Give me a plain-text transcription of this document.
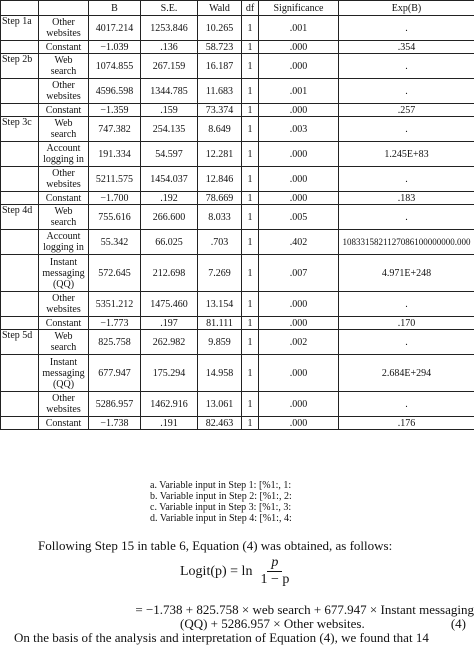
		B	S.E.	Wald	df	Significance	Exp(B)
Step 1a	Other websites	4017.214	1253.846	10.265	1	.001	.
	Constant	−1.039	.136	58.723	1	.000	.354
Step 2b	Web search	1074.855	267.159	16.187	1	.000	.
	Other websites	4596.598	1344.785	11.683	1	.001	.
	Constant	−1.359	.159	73.374	1	.000	.257
Step 3c	Web search	747.382	254.135	8.649	1	.003	.
	Account logging in	191.334	54.597	12.281	1	.000	1.245E+83
	Other websites	5211.575	1454.037	12.846	1	.000	.
	Constant	−1.700	.192	78.669	1	.000	.183
Step 4d	Web search	755.616	266.600	8.033	1	.005	.
	Account logging in	55.342	66.025	.703	1	.402	1083315821127086100000000.000
	Instant messaging (QQ)	572.645	212.698	7.269	1	.007	4.971E+248
	Other websites	5351.212	1475.460	13.154	1	.000	.
	Constant	−1.773	.197	81.111	1	.000	.170
Step 5d	Web search	825.758	262.982	9.859	1	.002	.
	Instant messaging (QQ)	677.947	175.294	14.958	1	.000	2.684E+294
	Other websites	5286.957	1462.916	13.061	1	.000	.
	Constant	−1.738	.191	82.463	1	.000	.176
a. Variable input in Step 1: [%1:, 1:
b. Variable input in Step 2: [%1:, 2:
c. Variable input in Step 3: [%1:, 3:
d. Variable input in Step 4: [%1:, 4:
Following Step 15 in table 6, Equation (4) was obtained, as follows:
Logit(p) = $\ln \frac{p}{1 - p}$
= −1.738 + 825.758 × web search + 677.947 × Instant messaging
(QQ) + 5286.957 × Other websites.	(4)
On the basis of the analysis and interpretation of Equation (4), we found that 14
